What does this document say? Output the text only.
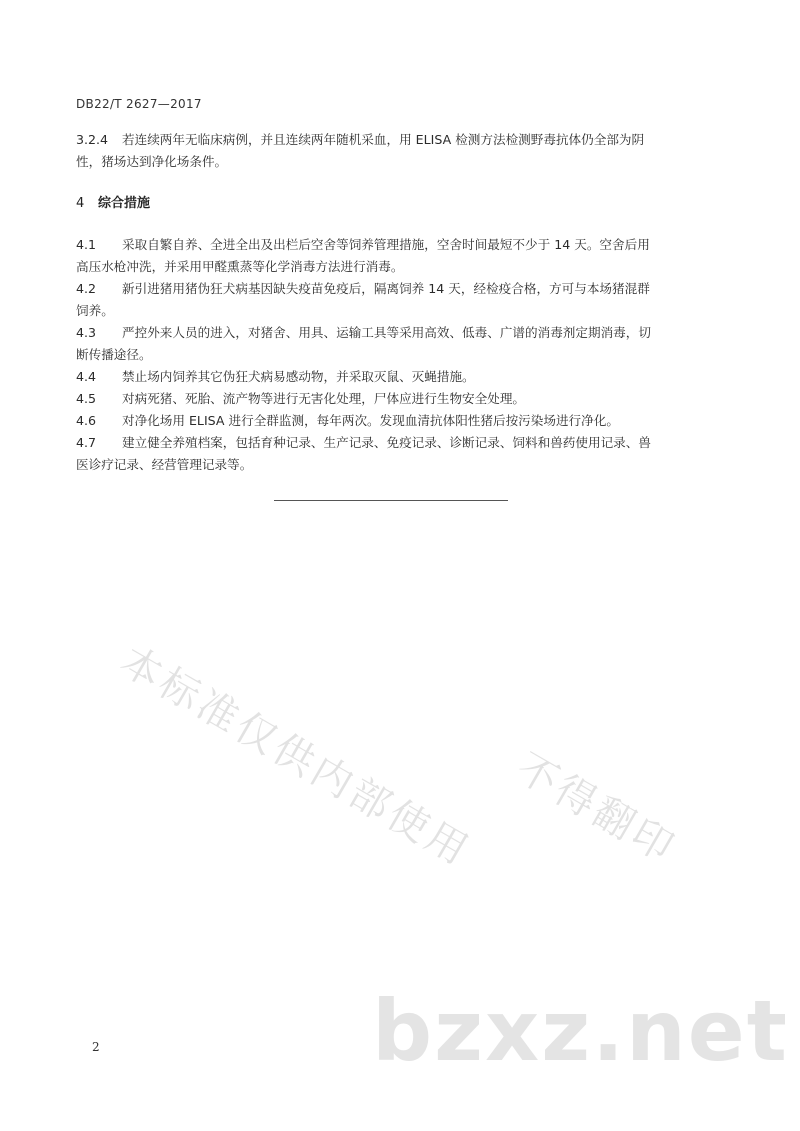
DB22/T 2627—2017
3.2.4 若连续两年无临床病例，并且连续两年随机采血，用 ELISA 检测方法检测野毒抗体仍全部为阴
性，猪场达到净化场条件。
4 综合措施
4.1 采取自繁自养、全进全出及出栏后空舍等饲养管理措施，空舍时间最短不少于 14 天。空舍后用
高压水枪冲洗，并采用甲醛熏蒸等化学消毒方法进行消毒。
4.2 新引进猪用猪伪狂犬病基因缺失疫苗免疫后，隔离饲养 14 天，经检疫合格，方可与本场猪混群
饲养。
4.3 严控外来人员的进入，对猪舍、用具、运输工具等采用高效、低毒、广谱的消毒剂定期消毒，切
断传播途径。
4.4 禁止场内饲养其它伪狂犬病易感动物，并采取灭鼠、灭蝇措施。
4.5 对病死猪、死胎、流产物等进行无害化处理，尸体应进行生物安全处理。
4.6 对净化场用 ELISA 进行全群监测，每年两次。发现血清抗体阳性猪后按污染场进行净化。
4.7 建立健全养殖档案，包括育种记录、生产记录、免疫记录、诊断记录、饲料和兽药使用记录、兽
医诊疗记录、经营管理记录等。
本标准仅供内部使用 不得翻印
bzxz.net
2
